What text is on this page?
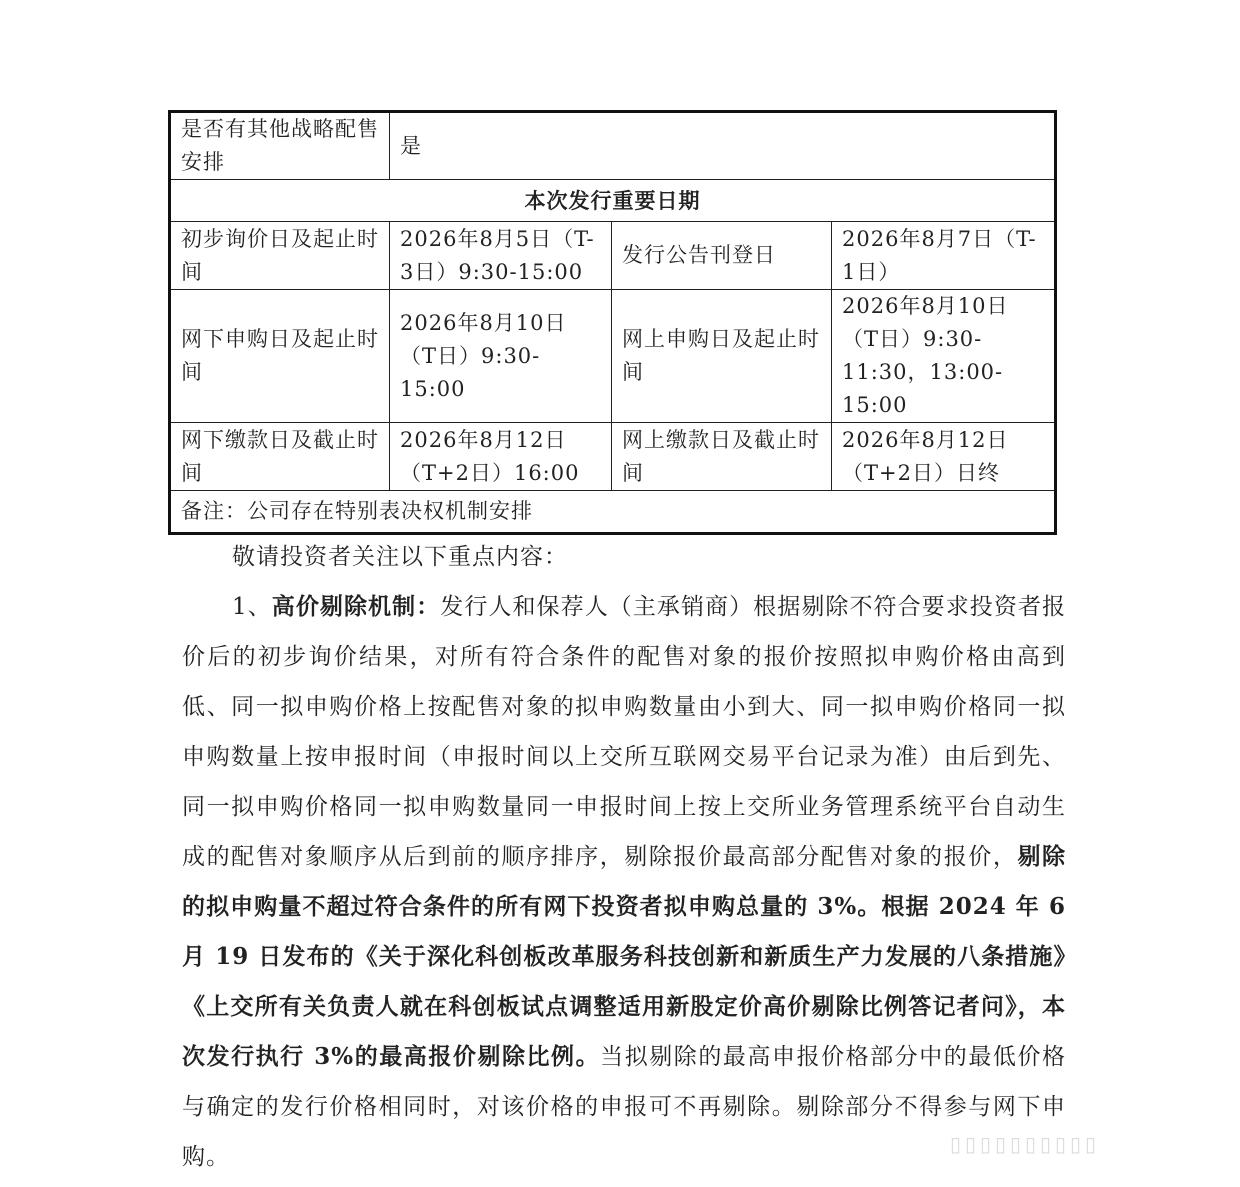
是否有其他战略配售安排	是		
本次发行重要日期			
初步询价日及起止时间	2026年8月5日（T-3日）9:30-15:00	发行公告刊登日	2026年8月7日（T-1日）
网下申购日及起止时间	2026年8月10日（T日）9:30-15:00	网上申购日及起止时间	2026年8月10日（T日）9:30-11:30，13:00-15:00
网下缴款日及截止时间	2026年8月12日（T+2日）16:00	网上缴款日及截止时间	2026年8月12日（T+2日）日终
备注：公司存在特别表决权机制安排			

敬请投资者关注以下重点内容：

1、高价剔除机制：发行人和保荐人（主承销商）根据剔除不符合要求投资者报价后的初步询价结果，对所有符合条件的配售对象的报价按照拟申购价格由高到低、同一拟申购价格上按配售对象的拟申购数量由小到大、同一拟申购价格同一拟申购数量上按申报时间（申报时间以上交所互联网交易平台记录为准）由后到先、同一拟申购价格同一拟申购数量同一申报时间上按上交所业务管理系统平台自动生成的配售对象顺序从后到前的顺序排序，剔除报价最高部分配售对象的报价，剔除的拟申购量不超过符合条件的所有网下投资者拟申购总量的 3%。根据 2024 年 6 月 19 日发布的《关于深化科创板改革服务科技创新和新质生产力发展的八条措施》《上交所有关负责人就在科创板试点调整适用新股定价高价剔除比例答记者问》，本次发行执行 3%的最高报价剔除比例。当拟剔除的最高申报价格部分中的最低价格与确定的发行价格相同时，对该价格的申报可不再剔除。剔除部分不得参与网下申购。	▯▯▯▯▯▯▯▯▯▯
